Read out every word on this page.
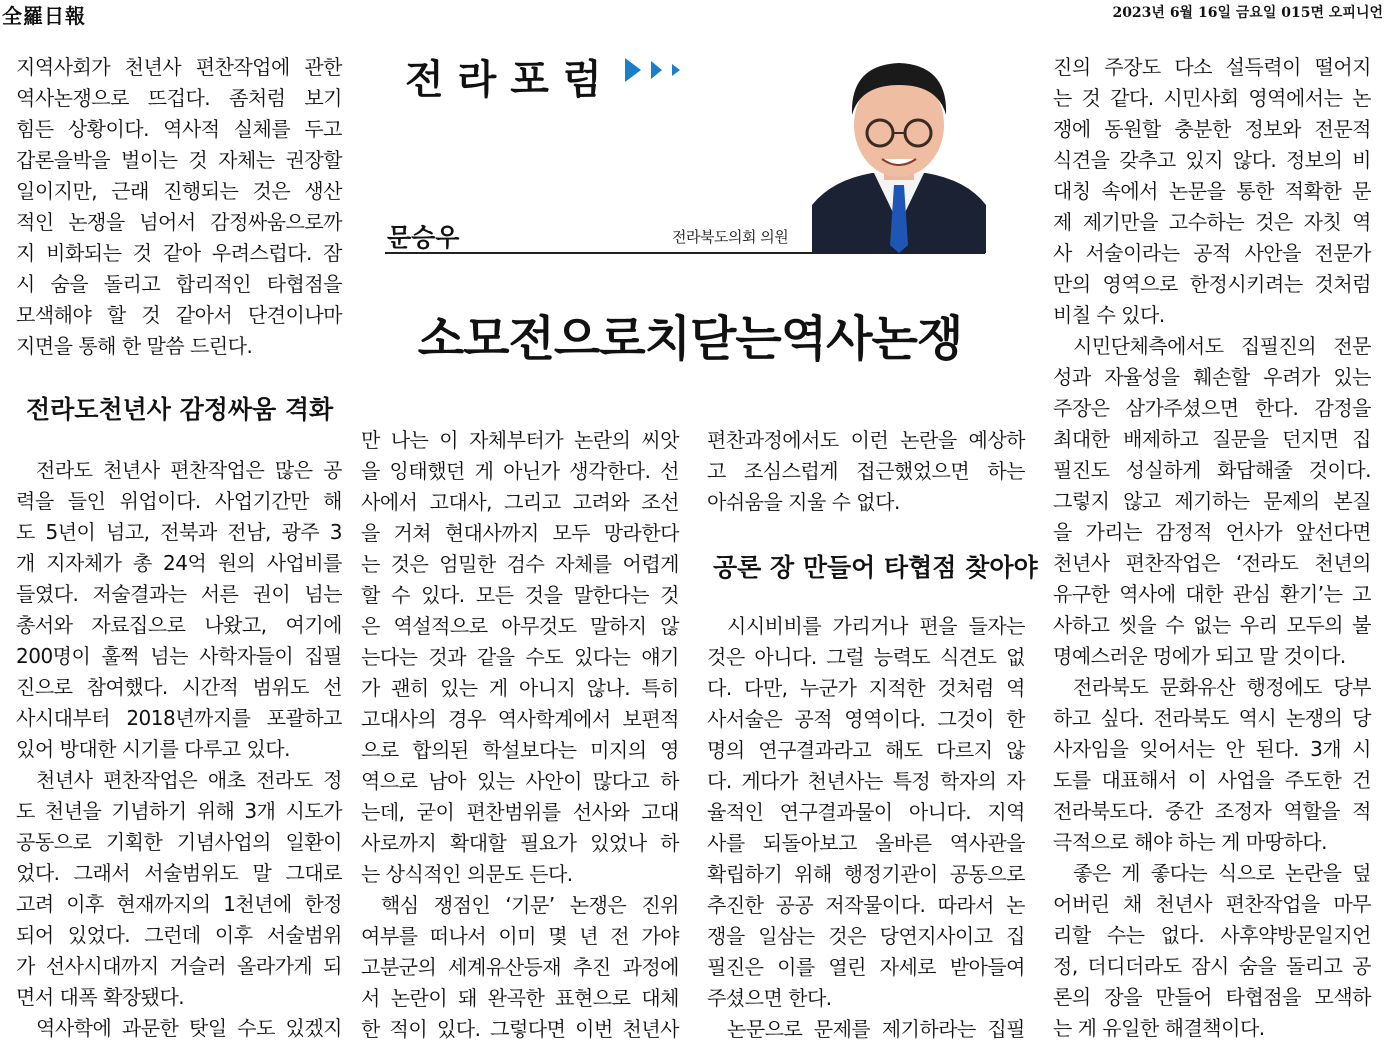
全羅日報	2023년 6월 16일 금요일 015면 오피니언
전라포럼
문승우	전라북도의회 의원
소모전으로치닫는역사논쟁
지역사회가 천년사 편찬작업에 관한
역사논쟁으로 뜨겁다. 좀처럼 보기
힘든 상황이다. 역사적 실체를 두고
갑론을박을 벌이는 것 자체는 권장할
일이지만, 근래 진행되는 것은 생산
적인 논쟁을 넘어서 감정싸움으로까
지 비화되는 것 같아 우려스럽다. 잠
시 숨을 돌리고 합리적인 타협점을
모색해야 할 것 같아서 단견이나마
지면을 통해 한 말씀 드린다.
전라도천년사 감정싸움 격화
전라도 천년사 편찬작업은 많은 공
력을 들인 위업이다. 사업기간만 해
도 5년이 넘고, 전북과 전남, 광주 3
개 지자체가 총 24억 원의 사업비를
들였다. 저술결과는 서른 권이 넘는
총서와 자료집으로 나왔고, 여기에
200명이 훌쩍 넘는 사학자들이 집필
진으로 참여했다. 시간적 범위도 선
사시대부터 2018년까지를 포괄하고
있어 방대한 시기를 다루고 있다.
천년사 편찬작업은 애초 전라도 정
도 천년을 기념하기 위해 3개 시도가
공동으로 기획한 기념사업의 일환이
었다. 그래서 서술범위도 말 그대로
고려 이후 현재까지의 1천년에 한정
되어 있었다. 그런데 이후 서술범위
가 선사시대까지 거슬러 올라가게 되
면서 대폭 확장됐다.
역사학에 과문한 탓일 수도 있겠지
만 나는 이 자체부터가 논란의 씨앗
을 잉태했던 게 아닌가 생각한다. 선
사에서 고대사, 그리고 고려와 조선
을 거쳐 현대사까지 모두 망라한다
는 것은 엄밀한 검수 자체를 어렵게
할 수 있다. 모든 것을 말한다는 것
은 역설적으로 아무것도 말하지 않
는다는 것과 같을 수도 있다는 얘기
가 괜히 있는 게 아니지 않나. 특히
고대사의 경우 역사학계에서 보편적
으로 합의된 학설보다는 미지의 영
역으로 남아 있는 사안이 많다고 하
는데, 굳이 편찬범위를 선사와 고대
사로까지 확대할 필요가 있었나 하
는 상식적인 의문도 든다.
핵심 쟁점인 ‘기문’ 논쟁은 진위
여부를 떠나서 이미 몇 년 전 가야
고분군의 세계유산등재 추진 과정에
서 논란이 돼 완곡한 표현으로 대체
한 적이 있다. 그렇다면 이번 천년사
편찬과정에서도 이런 논란을 예상하
고 조심스럽게 접근했었으면 하는
아쉬움을 지울 수 없다.
공론 장 만들어 타협점 찾아야
시시비비를 가리거나 편을 들자는
것은 아니다. 그럴 능력도 식견도 없
다. 다만, 누군가 지적한 것처럼 역
사서술은 공적 영역이다. 그것이 한
명의 연구결과라고 해도 다르지 않
다. 게다가 천년사는 특정 학자의 자
율적인 연구결과물이 아니다. 지역
사를 되돌아보고 올바른 역사관을
확립하기 위해 행정기관이 공동으로
추진한 공공 저작물이다. 따라서 논
쟁을 일삼는 것은 당연지사이고 집
필진은 이를 열린 자세로 받아들여
주셨으면 한다.
논문으로 문제를 제기하라는 집필
진의 주장도 다소 설득력이 떨어지
는 것 같다. 시민사회 영역에서는 논
쟁에 동원할 충분한 정보와 전문적
식견을 갖추고 있지 않다. 정보의 비
대칭 속에서 논문을 통한 적확한 문
제 제기만을 고수하는 것은 자칫 역
사 서술이라는 공적 사안을 전문가
만의 영역으로 한정시키려는 것처럼
비칠 수 있다.
시민단체측에서도 집필진의 전문
성과 자율성을 훼손할 우려가 있는
주장은 삼가주셨으면 한다. 감정을
최대한 배제하고 질문을 던지면 집
필진도 성실하게 화답해줄 것이다.
그렇지 않고 제기하는 문제의 본질
을 가리는 감정적 언사가 앞선다면
천년사 편찬작업은 ‘전라도 천년의
유구한 역사에 대한 관심 환기’는 고
사하고 씻을 수 없는 우리 모두의 불
명예스러운 멍에가 되고 말 것이다.
전라북도 문화유산 행정에도 당부
하고 싶다. 전라북도 역시 논쟁의 당
사자임을 잊어서는 안 된다. 3개 시
도를 대표해서 이 사업을 주도한 건
전라북도다. 중간 조정자 역할을 적
극적으로 해야 하는 게 마땅하다.
좋은 게 좋다는 식으로 논란을 덮
어버린 채 천년사 편찬작업을 마무
리할 수는 없다. 사후약방문일지언
정, 더디더라도 잠시 숨을 돌리고 공
론의 장을 만들어 타협점을 모색하
는 게 유일한 해결책이다.
